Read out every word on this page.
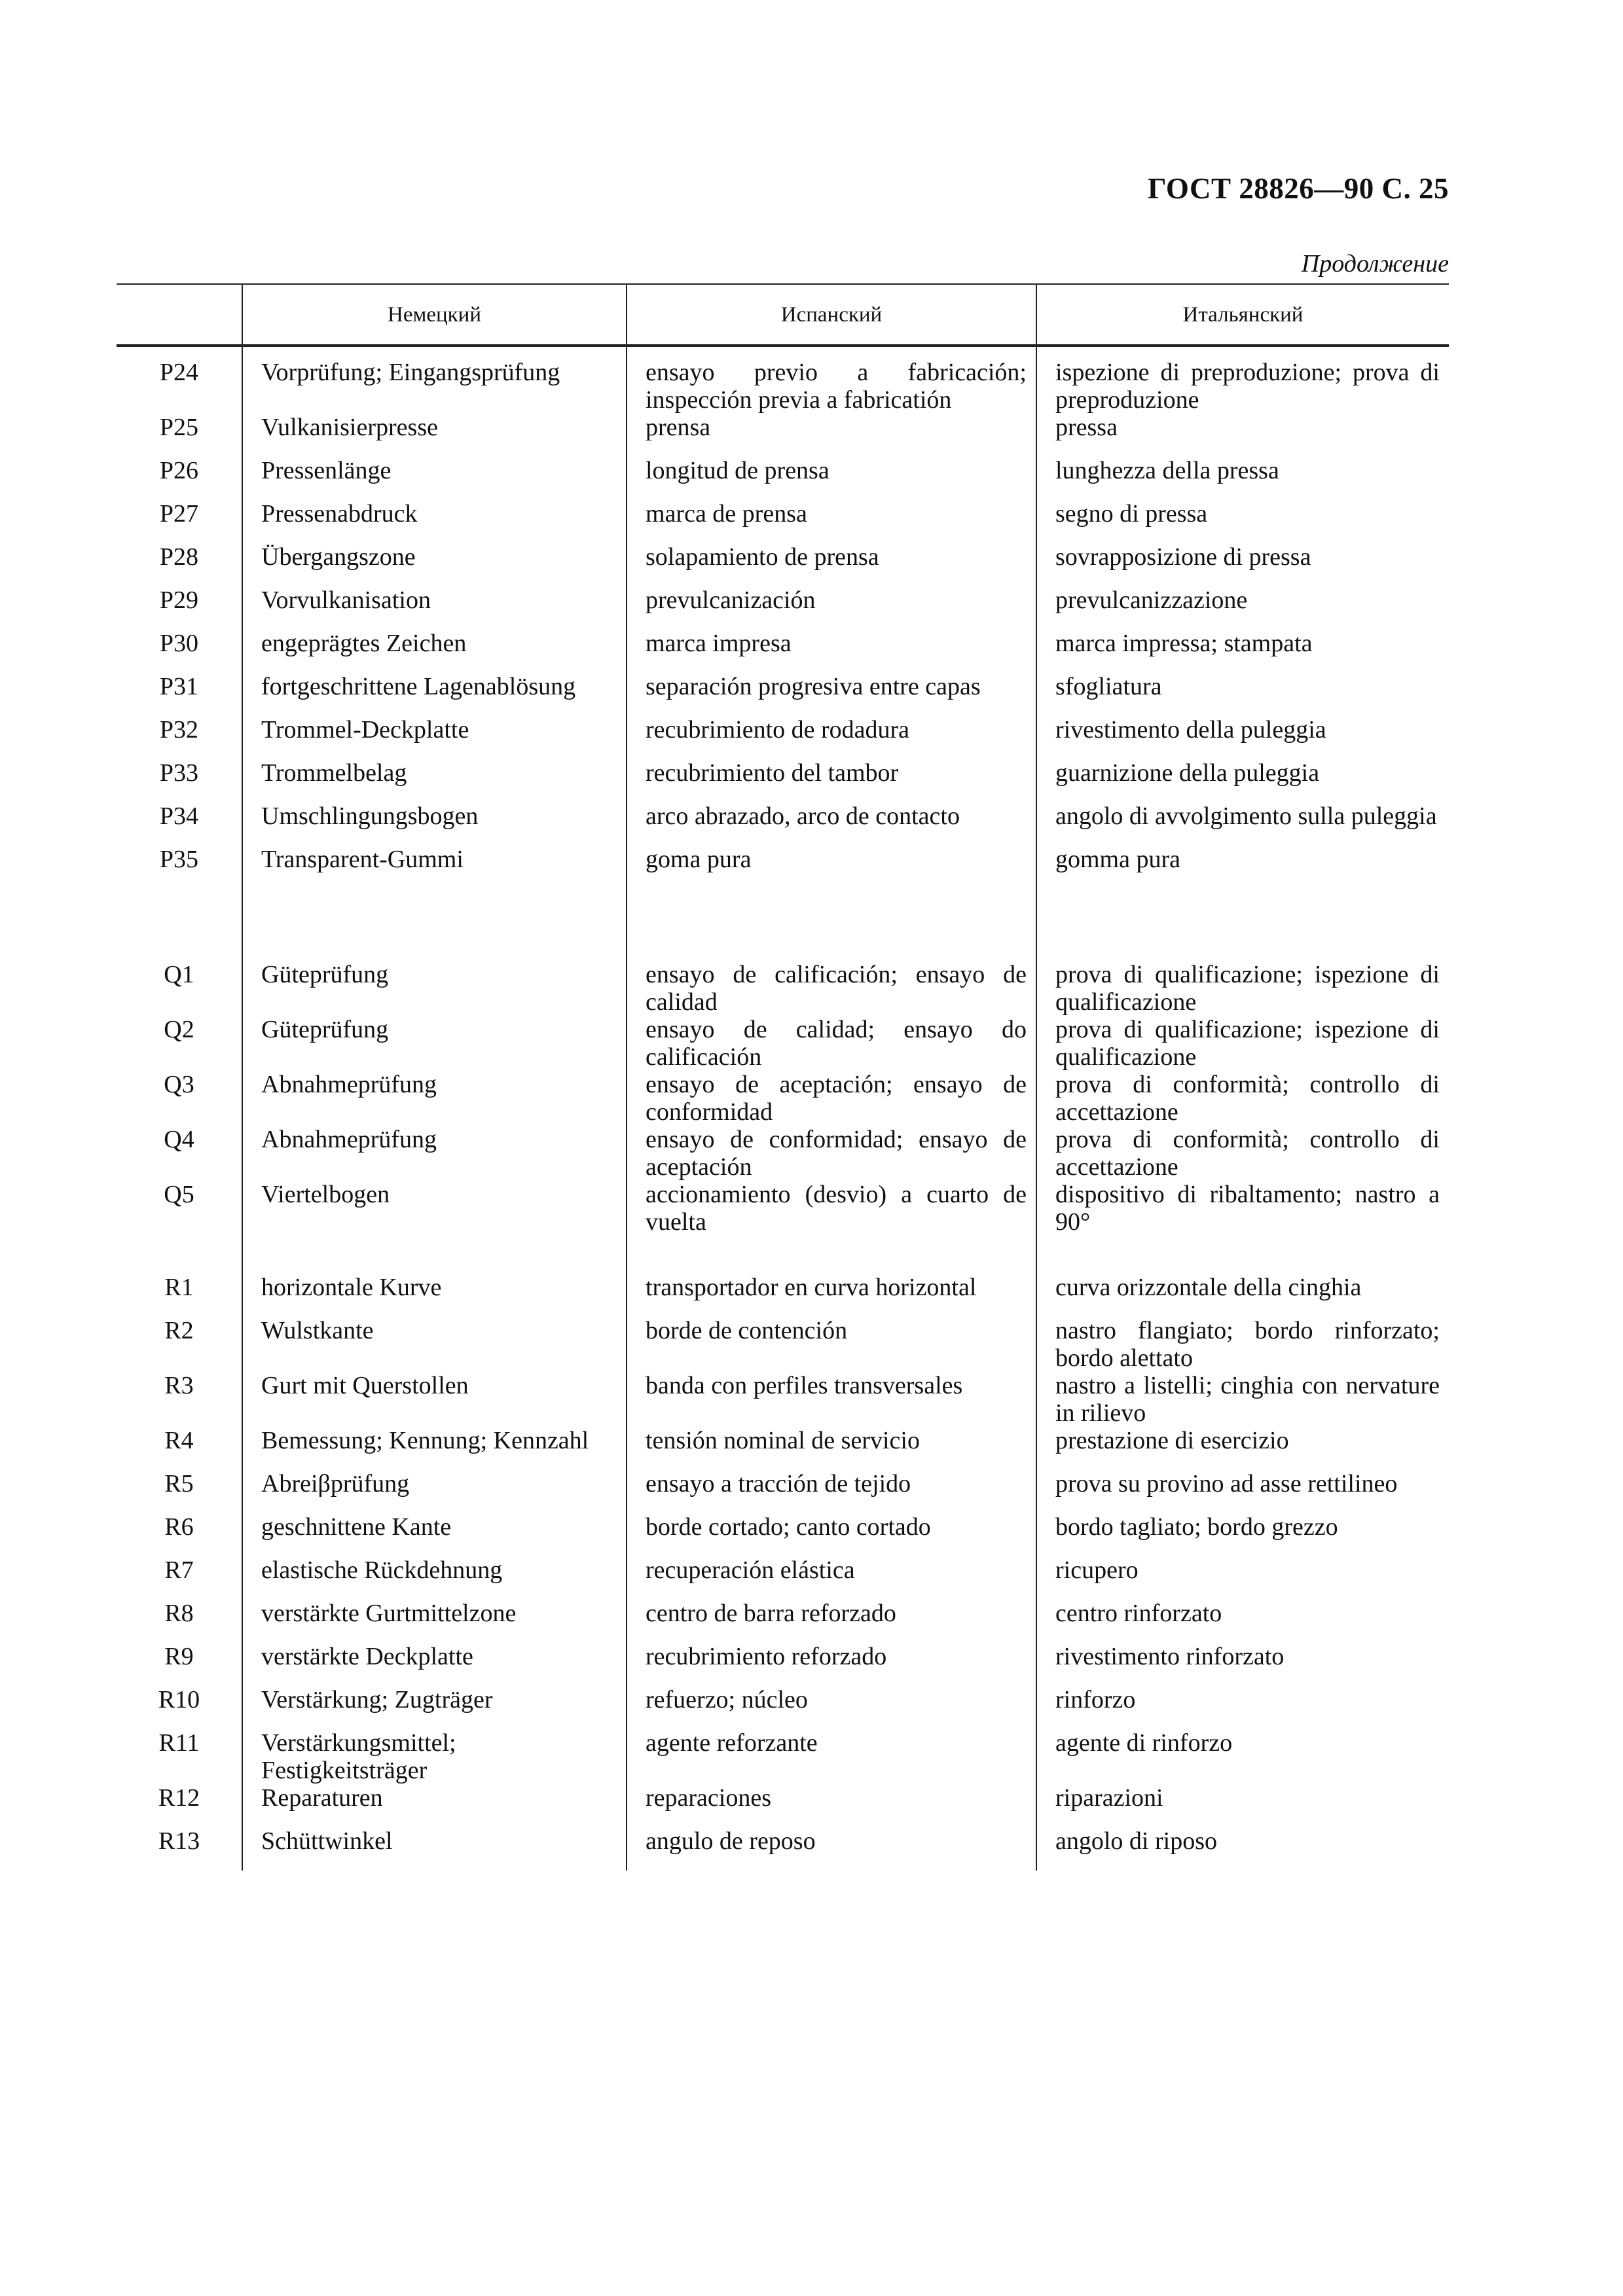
ГОСТ 28826—90 С. 25
Продолжение
	Немецкий	Испанский	Итальянский
P24	Vorprüfung; Eingangsprüfung	ensayo previo a fabricación; inspección previa a fabricatión	ispezione di preproduzione; prova di preproduzione
P25	Vulkanisierpresse	prensa	pressa
P26	Pressenlänge	longitud de prensa	lunghezza della pressa
P27	Pressenabdruck	marca de prensa	segno di pressa
P28	Übergangszone	solapamiento de prensa	sovrapposizione di pressa
P29	Vorvulkanisation	prevulcanización	prevulcanizzazione
P30	engeprägtes Zeichen	marca impresa	marca impressa; stampata
P31	fortgeschrittene Lagenablösung	separación progresiva entre capas	sfogliatura
P32	Trommel-Deckplatte	recubrimiento de rodadura	rivestimento della puleggia
P33	Trommelbelag	recubrimiento del tambor	guarnizione della puleggia
P34	Umschlingungsbogen	arco abrazado, arco de contacto	angolo di avvolgimento sulla puleggia
P35	Transparent-Gummi	goma pura	gomma pura
Q1	Güteprüfung	ensayo de calificación; ensayo de calidad	prova di qualificazione; ispezione di qualificazione
Q2	Güteprüfung	ensayo de calidad; ensayo do calificación	prova di qualificazione; ispezione di qualificazione
Q3	Abnahmeprüfung	ensayo de aceptación; ensayo de conformidad	prova di conformità; controllo di accettazione
Q4	Abnahmeprüfung	ensayo de conformidad; ensayo de aceptación	prova di conformità; controllo di accettazione
Q5	Viertelbogen	accionamiento (desvio) a cuarto de vuelta	dispositivo di ribaltamento; nastro a 90°
R1	horizontale Kurve	transportador en curva horizontal	curva orizzontale della cinghia
R2	Wulstkante	borde de contención	nastro flangiato; bordo rinforzato; bordo alettato
R3	Gurt mit Querstollen	banda con perfiles transversales	nastro a listelli; cinghia con nervature in rilievo
R4	Bemessung; Kennung; Kennzahl	tensión nominal de servicio	prestazione di esercizio
R5	Abreiβprüfung	ensayo a tracción de tejido	prova su provino ad asse rettilineo
R6	geschnittene Kante	borde cortado; canto cortado	bordo tagliato; bordo grezzo
R7	elastische Rückdehnung	recuperación elástica	ricupero
R8	verstärkte Gurtmittelzone	centro de barra reforzado	centro rinforzato
R9	verstärkte Deckplatte	recubrimiento reforzado	rivestimento rinforzato
R10	Verstärkung; Zugträger	refuerzo; núcleo	rinforzo
R11	Verstärkungsmittel; Festigkeitsträger	agente reforzante	agente di rinforzo
R12	Reparaturen	reparaciones	riparazioni
R13	Schüttwinkel	angulo de reposo	angolo di riposo
